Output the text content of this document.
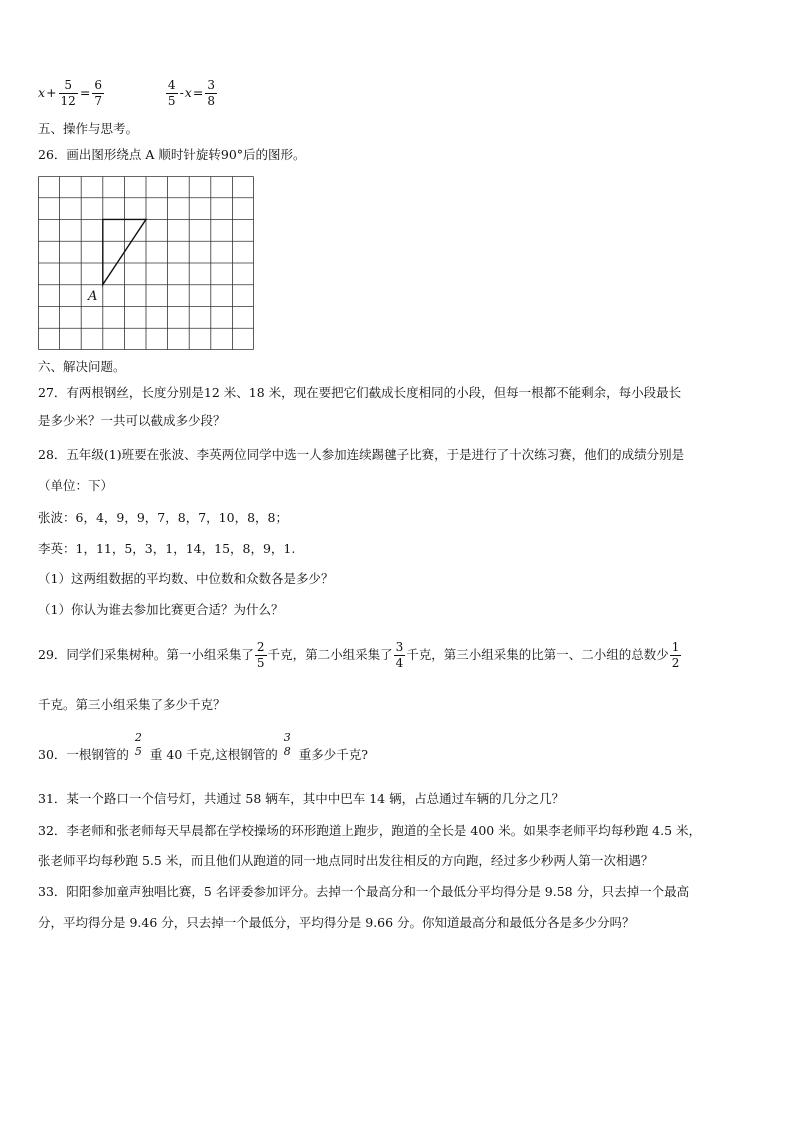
$x+ \frac{5}{12} = \frac{6}{7}$
	$\frac{4}{5} -x= \frac{3}{8}$
五、操作与思考。
26．画出图形绕点 A 顺时针旋转90°后的图形。
A
六、解决问题。
27．有两根钢丝，长度分别是12 米、18 米，现在要把它们截成长度相同的小段，但每一根都不能剩余，每小段最长
是多少米？一共可以截成多少段？
28．五年级(1)班要在张波、李英两位同学中选一人参加连续踢毽子比赛，于是进行了十次练习赛，他们的成绩分别是
（单位：下）
张波：6，4，9，9，7，8，7，10，8，8；
李英：1，11，5，3，1，14，15，8，9，1.
（1）这两组数据的平均数、中位数和众数各是多少？
（1）你认为谁去参加比赛更合适？为什么？
29．同学们采集树种。第一小组采集了 $\frac{2}{5}$ 千克，第二小组采集了 $\frac{3}{4}$ 千克，第三小组采集的比第一、二小组的总数少 $\frac{1}{2}$
千克。第三小组采集了多少千克？
30．一根钢管的
2
5 重 40 千克,这根钢管的
3
8 重多少千克?
31．某一个路口一个信号灯，共通过 58 辆车，其中中巴车 14 辆，占总通过车辆的几分之几？
32．李老师和张老师每天早晨都在学校操场的环形跑道上跑步，跑道的全长是 400 米。如果李老师平均每秒跑 4.5 米，
张老师平均每秒跑 5.5 米，而且他们从跑道的同一地点同时出发往相反的方向跑，经过多少秒两人第一次相遇？
33．阳阳参加童声独唱比赛，5 名评委参加评分。去掉一个最高分和一个最低分平均得分是 9.58 分，只去掉一个最高
分，平均得分是 9.46 分，只去掉一个最低分，平均得分是 9.66 分。你知道最高分和最低分各是多少分吗？
